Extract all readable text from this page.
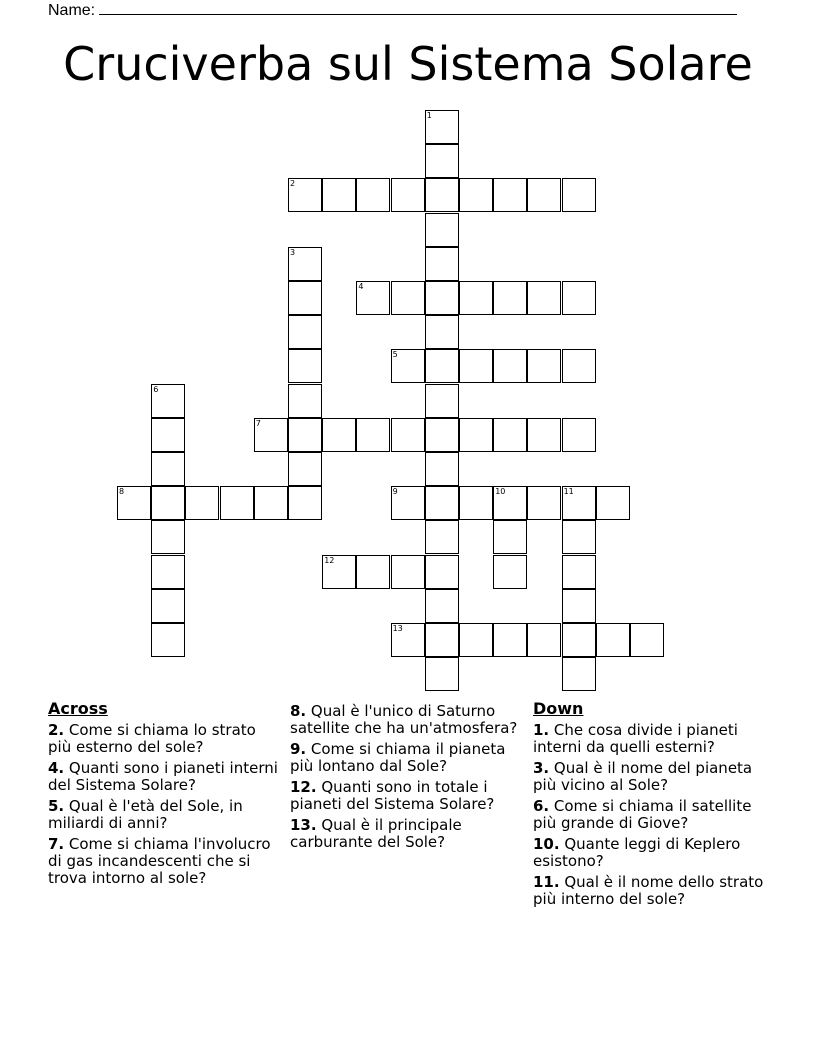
Name:
Cruciverba sul Sistema Solare
1
2
3
4
5
6
7
8	9	10	11
12
13
Across
2. Come si chiama lo strato più esterno del sole?
4. Quanti sono i pianeti interni del Sistema Solare?
5. Qual è l'età del Sole, in miliardi di anni?
7. Come si chiama l'involucro di gas incandescenti che si trova intorno al sole?
8. Qual è l'unico di Saturno satellite che ha un'atmosfera?
9. Come si chiama il pianeta più lontano dal Sole?
12. Quanti sono in totale i pianeti del Sistema Solare?
13. Qual è il principale carburante del Sole?
Down
1. Che cosa divide i pianeti interni da quelli esterni?
3. Qual è il nome del pianeta più vicino al Sole?
6. Come si chiama il satellite più grande di Giove?
10. Quante leggi di Keplero esistono?
11. Qual è il nome dello strato più interno del sole?
